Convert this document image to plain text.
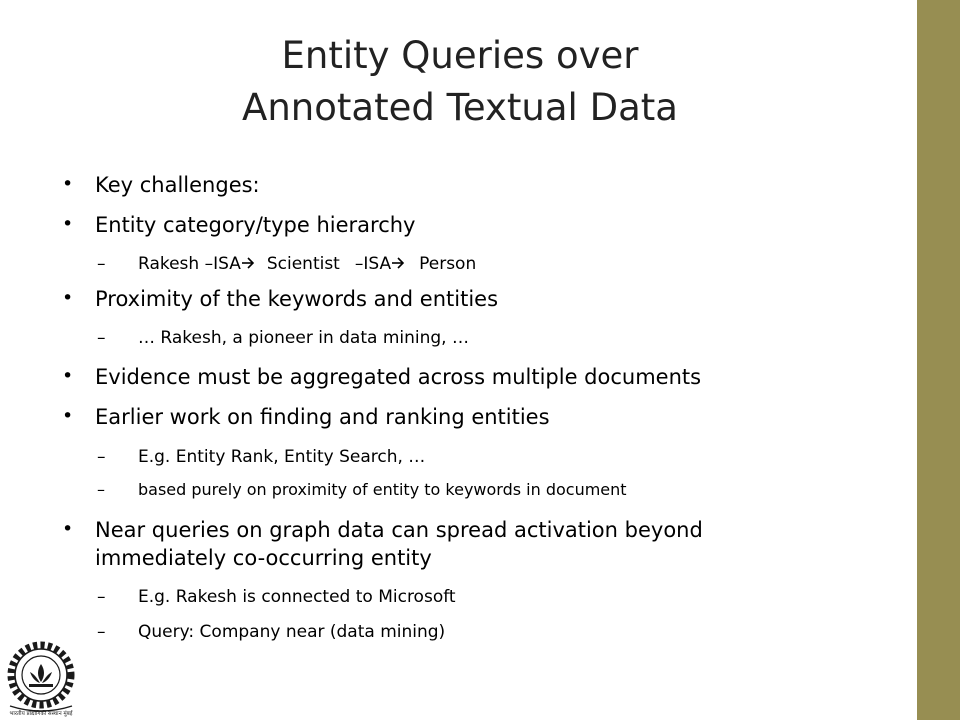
Entity Queries over
Annotated Textual Data
• Key challenges:
• Entity category/type hierarchy
– Rakesh –ISA Scientist –ISA Person
• Proximity of the keywords and entities
– … Rakesh, a pioneer in data mining, …
• Evidence must be aggregated across multiple documents
• Earlier work on finding and ranking entities
– E.g. Entity Rank, Entity Search, …
– based purely on proximity of entity to keywords in document
• Near queries on graph data can spread activation beyond
immediately co-occurring entity
– E.g. Rakesh is connected to Microsoft
– Query: Company near (data mining)
भारतीय प्रौद्योगिकी संस्थान मुंबई
